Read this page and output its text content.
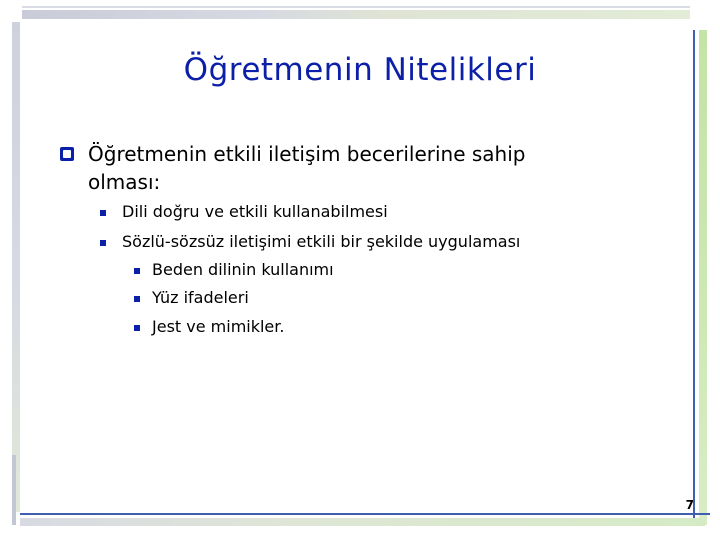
Öğretmenin Nitelikleri
Öğretmenin etkili iletişim becerilerine sahip
olması:
Dili doğru ve etkili kullanabilmesi
Sözlü-sözsüz iletişimi etkili bir şekilde uygulaması
Beden dilinin kullanımı
Yüz ifadeleri
Jest ve mimikler.
7
